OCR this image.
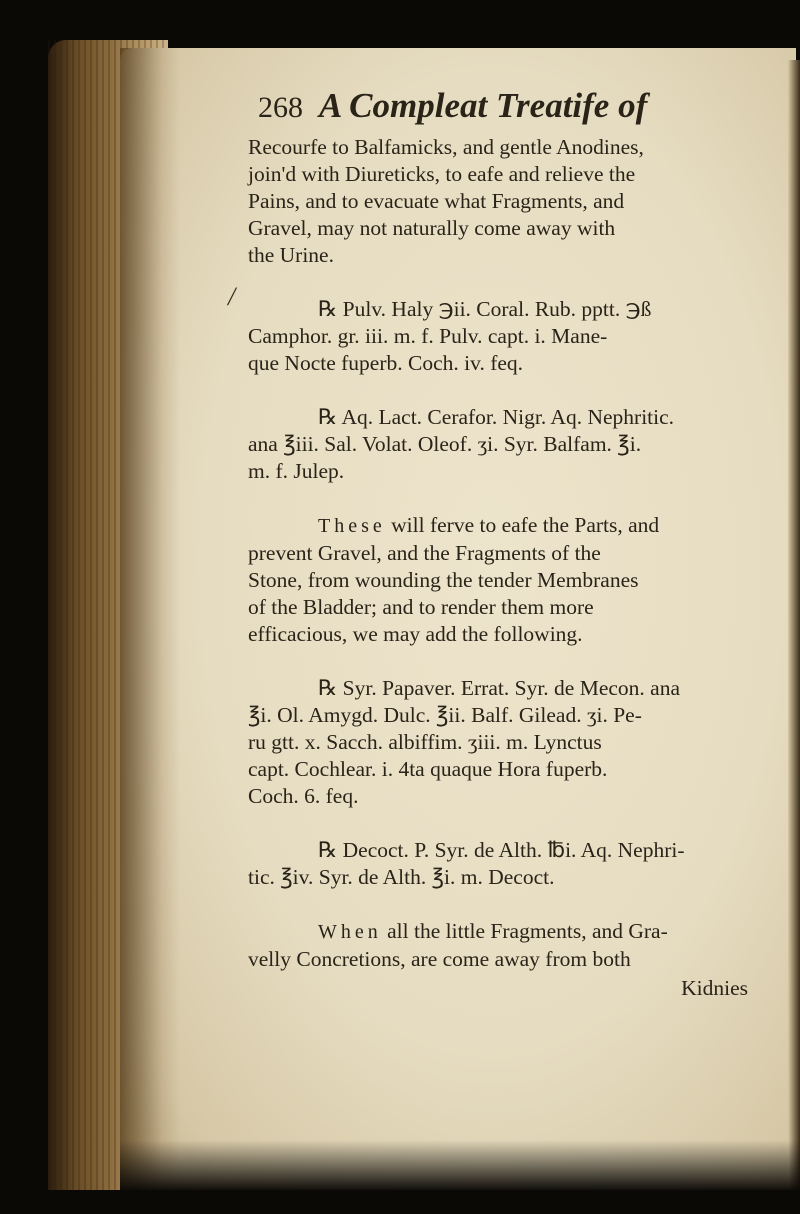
/
268 A Compleat Treatife of

Recourfe to Balfamicks, and gentle Anodines,
join'd with Diureticks, to eafe and relieve the
Pains, and to evacuate what Fragments, and
Gravel, may not naturally come away with
the Urine.

℞ Pulv. Haly ℈ii. Coral. Rub. pptt. ℈ß
Camphor. gr. iii. m. f. Pulv. capt. i. Mane-
que Nocte fuperb. Coch. iv. feq.

℞ Aq. Lact. Cerafor. Nigr. Aq. Nephritic.
ana ℥iii. Sal. Volat. Oleof. ʒi. Syr. Balfam. ℥i.
m. f. Julep.

These will ferve to eafe the Parts, and
prevent Gravel, and the Fragments of the
Stone, from wounding the tender Membranes
of the Bladder; and to render them more
efficacious, we may add the following.

℞ Syr. Papaver. Errat. Syr. de Mecon. ana
℥i. Ol. Amygd. Dulc. ℥ii. Balf. Gilead. ʒi. Pe-
ru gtt. x. Sacch. albiffim. ʒiii. m. Lynctus
capt. Cochlear. i. 4ta quaque Hora fuperb.
Coch. 6. feq.

℞ Decoct. P. Syr. de Alth. ℔i. Aq. Nephri-
tic. ℥iv. Syr. de Alth. ℥i. m. Decoct.

When all the little Fragments, and Gra-
velly Concretions, are come away from both

Kidnies
